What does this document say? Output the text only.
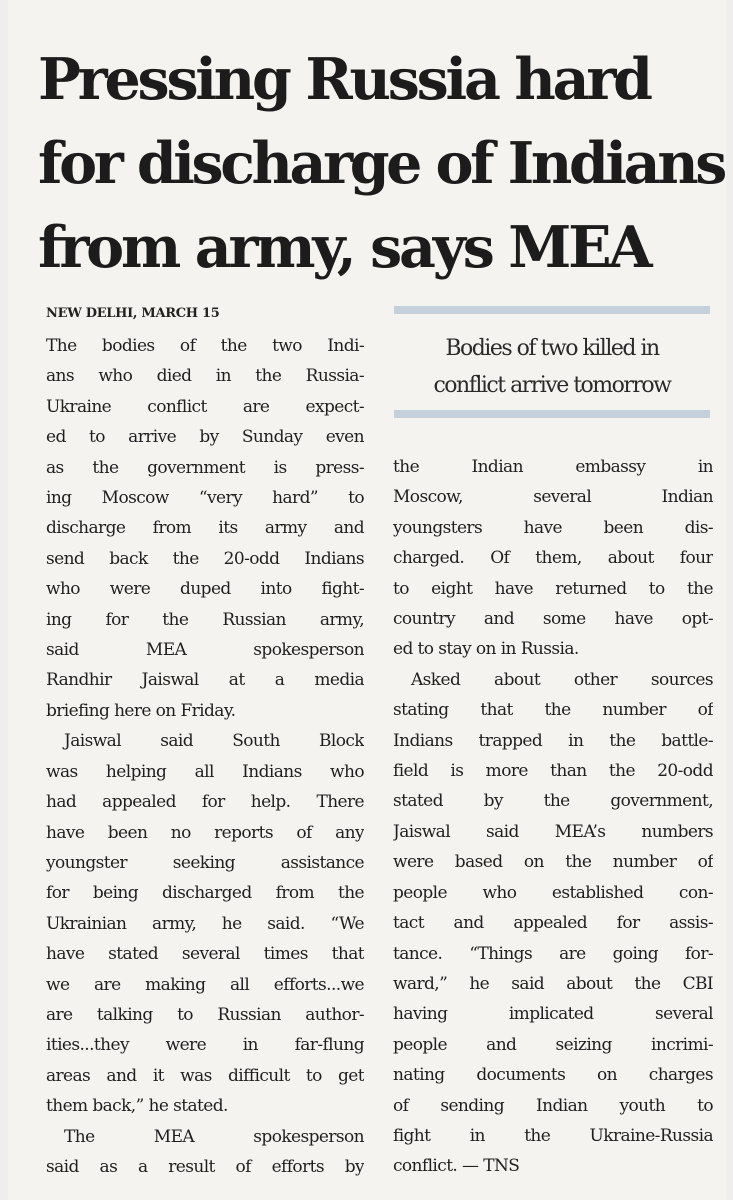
Pressing Russia hard
for discharge of Indians
from army, says MEA
NEW DELHI, MARCH 15
The bodies of the two Indi-
ans who died in the Russia-
Ukraine conflict are expect-
ed to arrive by Sunday even
as the government is press-
ing Moscow “very hard” to
discharge from its army and
send back the 20-odd Indians
who were duped into fight-
ing for the Russian army,
said MEA spokesperson
Randhir Jaiswal at a media
briefing here on Friday.
Jaiswal said South Block
was helping all Indians who
had appealed for help. There
have been no reports of any
youngster seeking assistance
for being discharged from the
Ukrainian army, he said. “We
have stated several times that
we are making all efforts...we
are talking to Russian author-
ities...they were in far-flung
areas and it was difficult to get
them back,” he stated.
The MEA spokesperson
said as a result of efforts by
Bodies of two killed in
conflict arrive tomorrow
the Indian embassy in
Moscow, several Indian
youngsters have been dis-
charged. Of them, about four
to eight have returned to the
country and some have opt-
ed to stay on in Russia.
Asked about other sources
stating that the number of
Indians trapped in the battle-
field is more than the 20-odd
stated by the government,
Jaiswal said MEA’s numbers
were based on the number of
people who established con-
tact and appealed for assis-
tance. “Things are going for-
ward,” he said about the CBI
having implicated several
people and seizing incrimi-
nating documents on charges
of sending Indian youth to
fight in the Ukraine-Russia
conflict. — TNS
